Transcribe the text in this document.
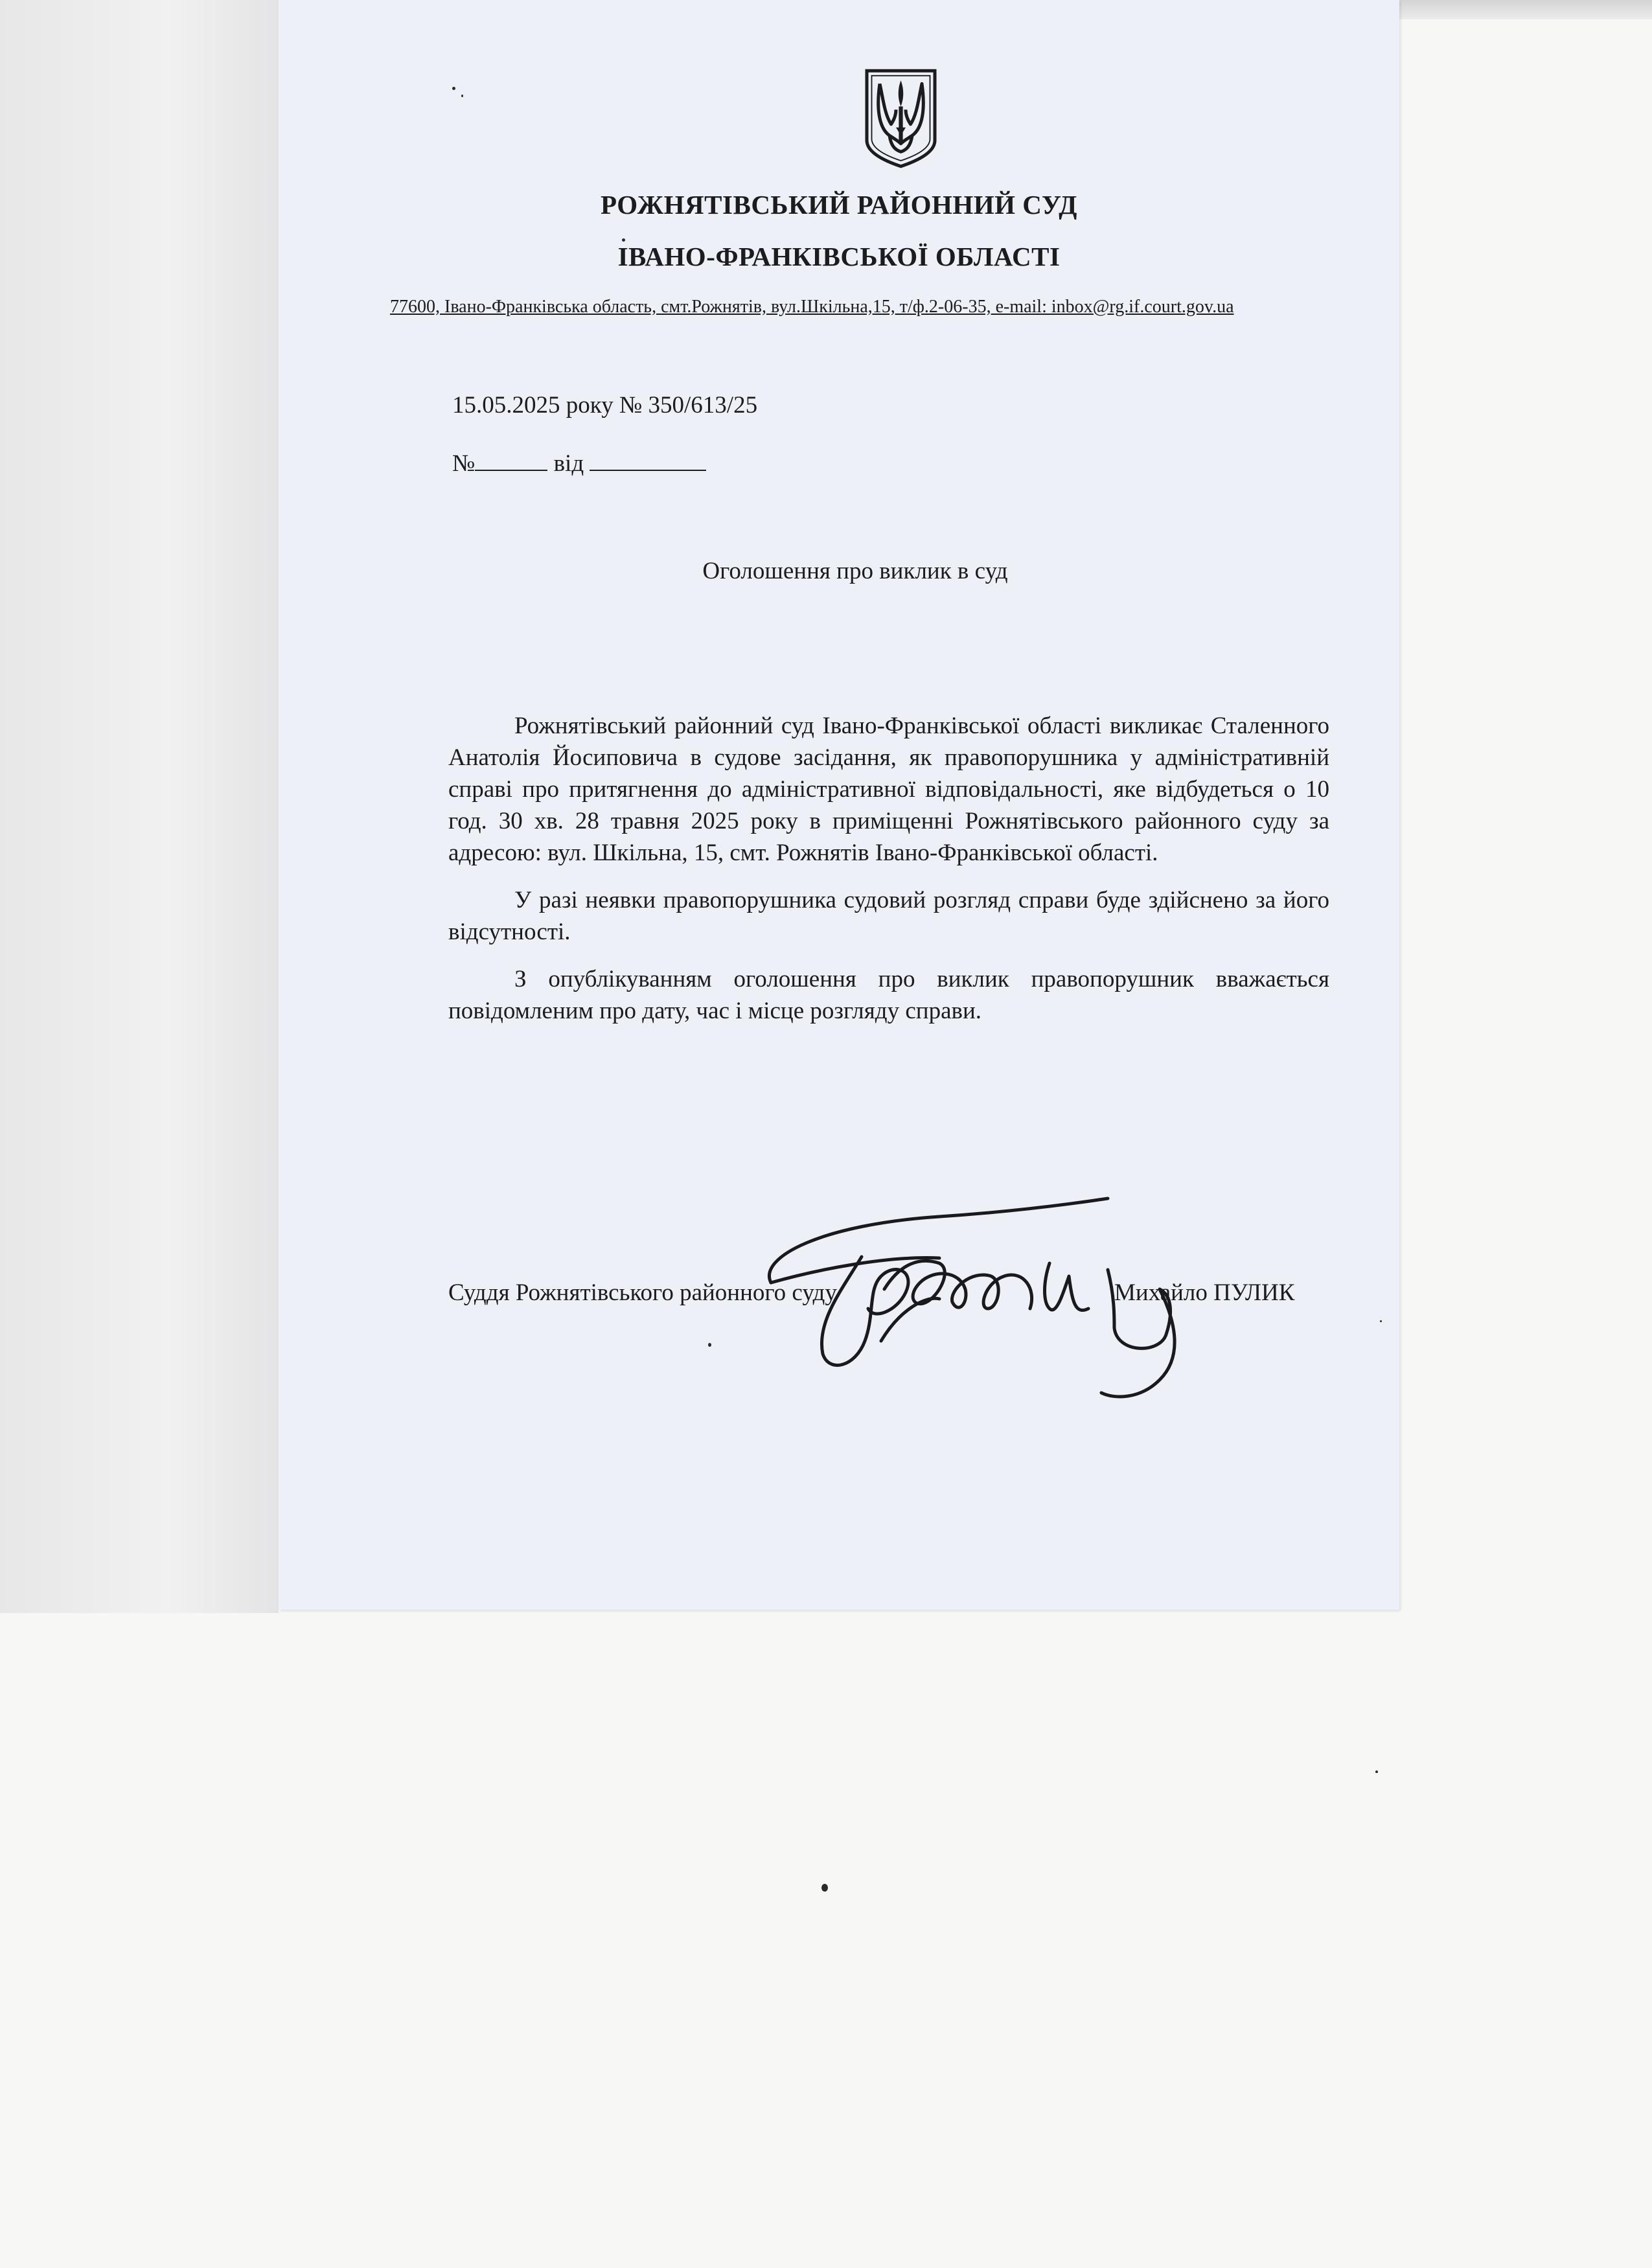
РОЖНЯТІВСЬКИЙ РАЙОННИЙ СУД
ІВАНО-ФРАНКІВСЬКОЇ ОБЛАСТІ
77600, Івано-Франківська область, смт.Рожнятів, вул.Шкільна,15, т/ф.2-06-35, e-mail: inbox@rg.if.court.gov.ua
15.05.2025 року № 350/613/25
№	від
Оголошення про виклик в суд

Рожнятівський районний суд Івано-Франківської області викликає Сталенного Анатолія Йосиповича в судове засідання, як правопорушника у адміністративній справі про притягнення до адміністративної відповідальності, яке відбудеться о 10 год. 30 хв. 28 травня 2025 року в приміщенні Рожнятівського районного суду за адресою: вул. Шкільна, 15, смт. Рожнятів Івано-Франківської області.

У разі неявки правопорушника судовий розгляд справи буде здійснено за його відсутності.

З опублікуванням оголошення про виклик правопорушник вважається повідомленим про дату, час і місце розгляду справи.

Суддя Рожнятівського районного суду	Михайло ПУЛИК
